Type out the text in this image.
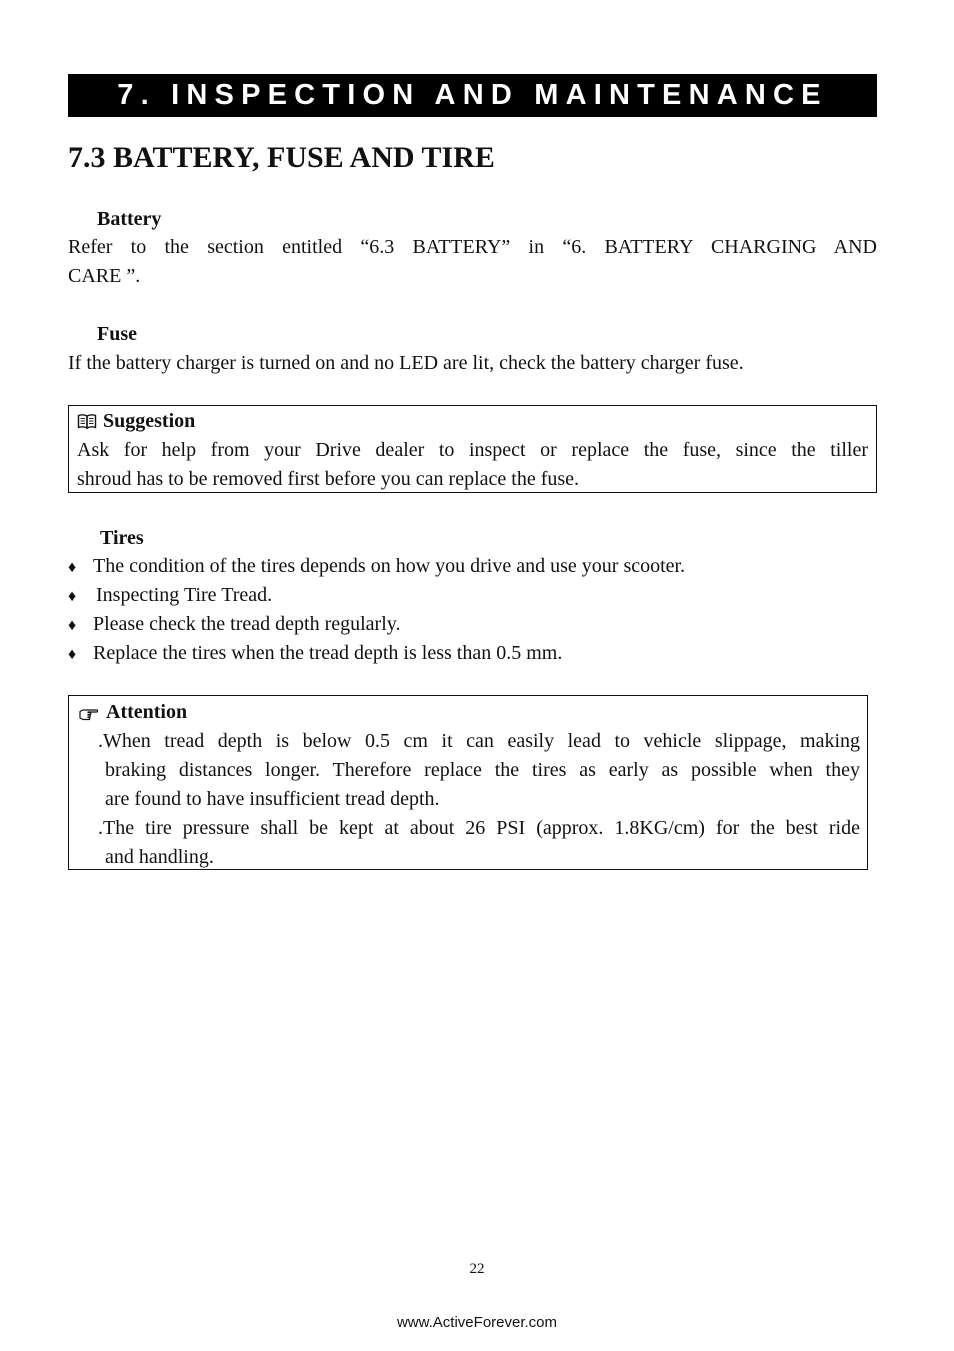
7. INSPECTION AND MAINTENANCE
7.3 BATTERY, FUSE AND TIRE
Battery
Refer to the section entitled “6.3 BATTERY” in “6. BATTERY CHARGING AND
CARE ”.
Fuse
If the battery charger is turned on and no LED are lit, check the battery charger fuse.
Suggestion
Ask for help from your Drive dealer to inspect or replace the fuse, since the tiller
shroud has to be removed first before you can replace the fuse.
Tires
♦ The condition of the tires depends on how you drive and use your scooter.
♦ Inspecting Tire Tread.
♦ Please check the tread depth regularly.
♦ Replace the tires when the tread depth is less than 0.5 mm.
Attention
.When tread depth is below 0.5 cm it can easily lead to vehicle slippage, making
braking distances longer. Therefore replace the tires as early as possible when they
are found to have insufficient tread depth.
.The tire pressure shall be kept at about 26 PSI (approx. 1.8KG/cm) for the best ride
and handling.
22
www.ActiveForever.com
